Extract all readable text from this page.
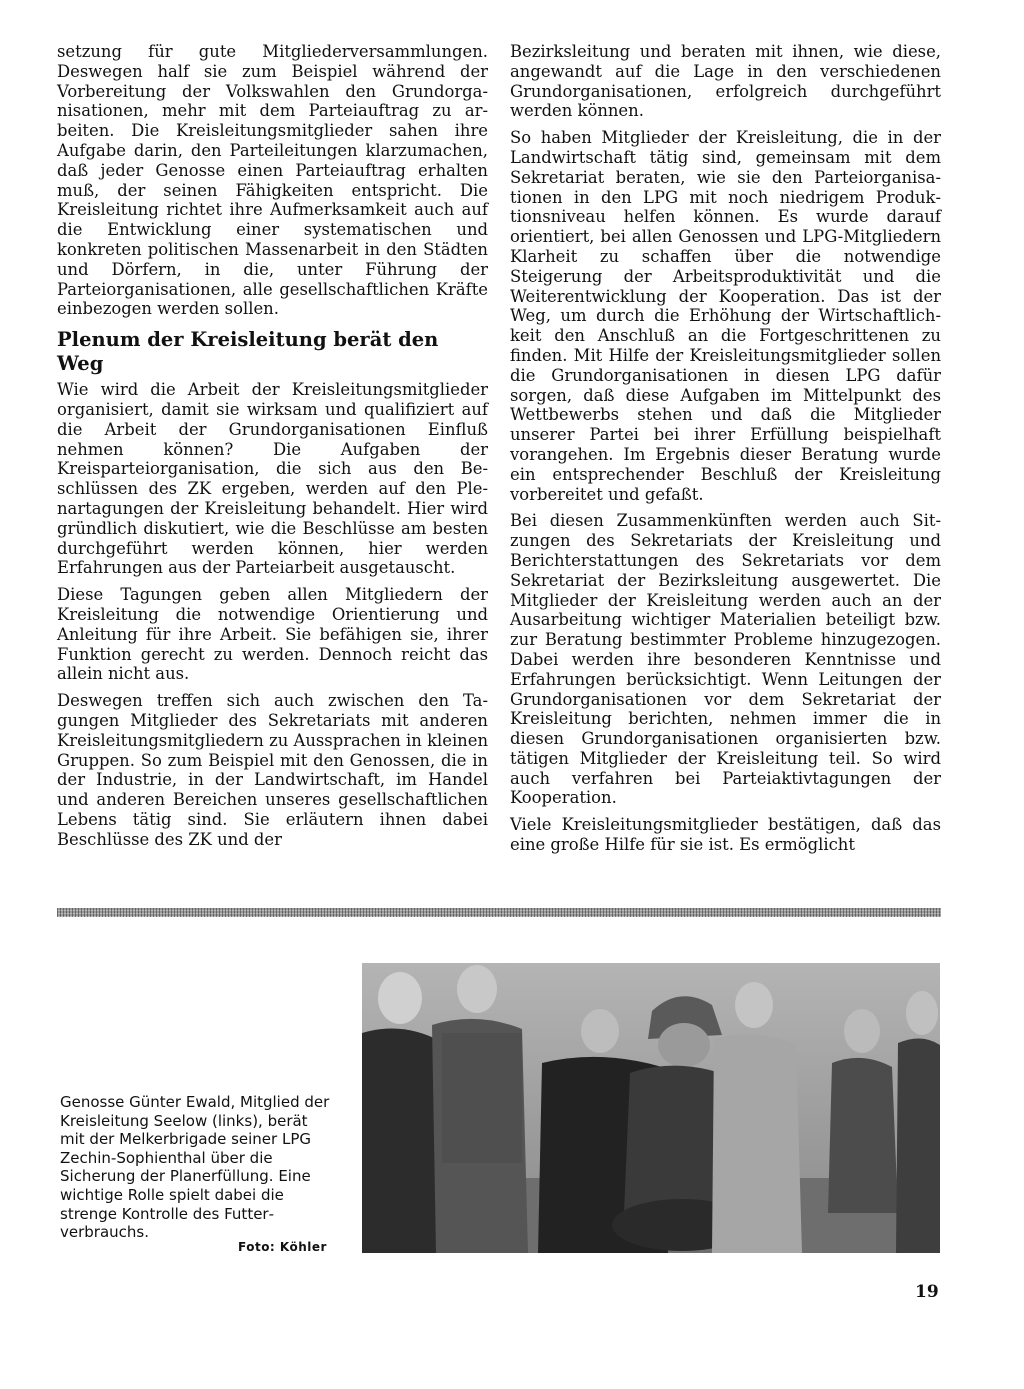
setzung für gute Mitgliederversammlungen. Deswegen half sie zum Beispiel während der Vorbereitung der Volkswahlen den Grundorganisationen, mehr mit dem Parteiauftrag zu arbeiten. Die Kreisleitungsmitglieder sahen ihre Aufgabe darin, den Parteileitungen klarzumachen, daß jeder Genosse einen Parteiauftrag erhalten muß, der seinen Fähigkeiten entspricht. Die Kreisleitung richtet ihre Aufmerksamkeit auch auf die Entwicklung einer systematischen und konkreten politischen Massenarbeit in den Städten und Dörfern, in die, unter Führung der Parteiorganisationen, alle gesellschaftlichen Kräfte einbezogen werden sollen.

Plenum der Kreisleitung berät den Weg

Wie wird die Arbeit der Kreisleitungsmitglieder organisiert, damit sie wirksam und qualifiziert auf die Arbeit der Grundorganisationen Einfluß nehmen können? Die Aufgaben der Kreisparteiorganisation, die sich aus den Beschlüssen des ZK ergeben, werden auf den Plenartagungen der Kreisleitung behandelt. Hier wird gründlich diskutiert, wie die Beschlüsse am besten durchgeführt werden können, hier werden Erfahrungen aus der Parteiarbeit ausgetauscht.

Diese Tagungen geben allen Mitgliedern der Kreisleitung die notwendige Orientierung und Anleitung für ihre Arbeit. Sie befähigen sie, ihrer Funktion gerecht zu werden. Dennoch reicht das allein nicht aus.

Deswegen treffen sich auch zwischen den Tagungen Mitglieder des Sekretariats mit anderen Kreisleitungsmitgliedern zu Aussprachen in kleinen Gruppen. So zum Beispiel mit den Genossen, die in der Industrie, in der Landwirtschaft, im Handel und anderen Bereichen unseres gesellschaftlichen Lebens tätig sind. Sie erläutern ihnen dabei Beschlüsse des ZK und der

Bezirksleitung und beraten mit ihnen, wie diese, angewandt auf die Lage in den verschiedenen Grundorganisationen, erfolgreich durchgeführt werden können.

So haben Mitglieder der Kreisleitung, die in der Landwirtschaft tätig sind, gemeinsam mit dem Sekretariat beraten, wie sie den Parteiorganisationen in den LPG mit noch niedrigem Produktionsniveau helfen können. Es wurde darauf orientiert, bei allen Genossen und LPG-Mitgliedern Klarheit zu schaffen über die notwendige Steigerung der Arbeitsproduktivität und die Weiterentwicklung der Kooperation. Das ist der Weg, um durch die Erhöhung der Wirtschaftlichkeit den Anschluß an die Fortgeschrittenen zu finden. Mit Hilfe der Kreisleitungsmitglieder sollen die Grundorganisationen in diesen LPG dafür sorgen, daß diese Aufgaben im Mittelpunkt des Wettbewerbs stehen und daß die Mitglieder unserer Partei bei ihrer Erfüllung beispielhaft vorangehen. Im Ergebnis dieser Beratung wurde ein entsprechender Beschluß der Kreisleitung vorbereitet und gefaßt.

Bei diesen Zusammenkünften werden auch Sitzungen des Sekretariats der Kreisleitung und Berichterstattungen des Sekretariats vor dem Sekretariat der Bezirksleitung ausgewertet. Die Mitglieder der Kreisleitung werden auch an der Ausarbeitung wichtiger Materialien beteiligt bzw. zur Beratung bestimmter Probleme hinzugezogen. Dabei werden ihre besonderen Kenntnisse und Erfahrungen berücksichtigt. Wenn Leitungen der Grundorganisationen vor dem Sekretariat der Kreisleitung berichten, nehmen immer die in diesen Grundorganisationen organisierten bzw. tätigen Mitglieder der Kreisleitung teil. So wird auch verfahren bei Parteiaktivtagungen der Kooperation.

Viele Kreisleitungsmitglieder bestätigen, daß das eine große Hilfe für sie ist. Es ermöglicht

Genosse Günter Ewald, Mitglied der Kreisleitung Seelow (links), berät mit der Melkerbrigade seiner LPG Zechin-Sophienthal über die Sicherung der Planerfüllung. Eine wichtige Rolle spielt dabei die strenge Kontrolle des Futterverbrauchs.
Foto: Köhler
19
